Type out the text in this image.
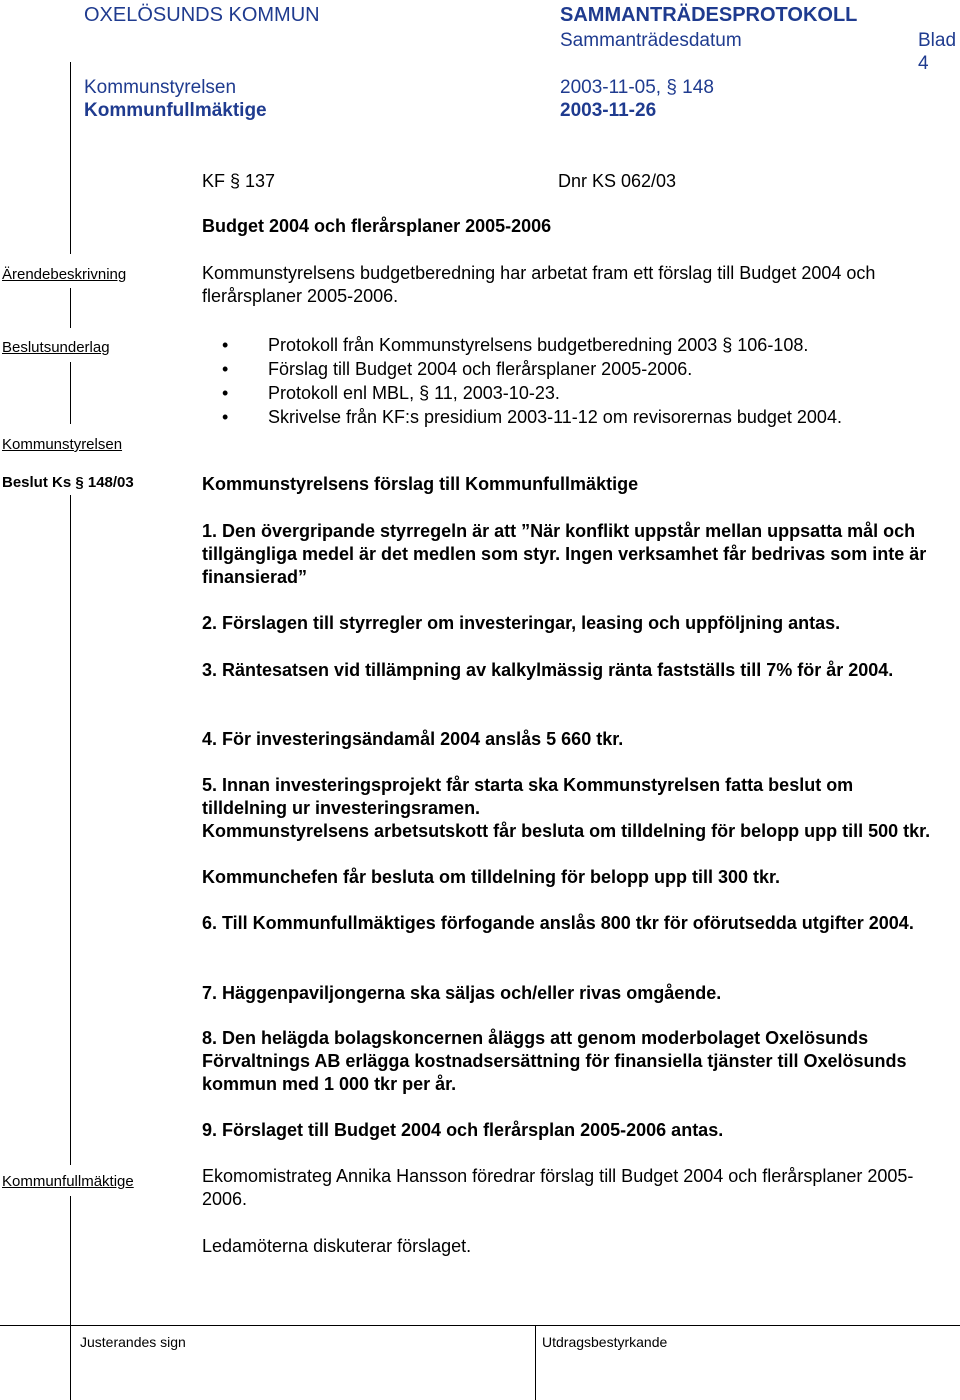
OXELÖSUNDS KOMMUN	SAMMANTRÄDESPROTOKOLL
Sammanträdesdatum	Blad
4
Kommunstyrelsen	2003-11-05, § 148
Kommunfullmäktige	2003-11-26
KF § 137	Dnr KS 062/03
Budget 2004 och flerårsplaner 2005-2006
Ärendebeskrivning	Kommunstyrelsens budgetberedning har arbetat fram ett förslag till Budget 2004 och flerårsplaner 2005-2006.
Beslutsunderlag
•	Protokoll från Kommunstyrelsens budgetberedning 2003 § 106-108.
• Förslag till Budget 2004 och flerårsplaner 2005-2006.
• Protokoll enl MBL, § 11, 2003-10-23.
• Skrivelse från KF:s presidium 2003-11-12 om revisorernas budget 2004.
Kommunstyrelsen
Beslut Ks § 148/03	Kommunstyrelsens förslag till Kommunfullmäktige
1. Den övergripande styrregeln är att ”När konflikt uppstår mellan uppsatta mål och tillgängliga medel är det medlen som styr. Ingen verksamhet får bedrivas som inte är finansierad”
2. Förslagen till styrregler om investeringar, leasing och uppföljning antas.
3. Räntesatsen vid tillämpning av kalkylmässig ränta fastställs till 7% för år 2004.
4. För investeringsändamål 2004 anslås 5 660 tkr.
5. Innan investeringsprojekt får starta ska Kommunstyrelsen fatta beslut om tilldelning ur investeringsramen.
Kommunstyrelsens arbetsutskott får besluta om tilldelning för belopp upp till 500 tkr.
Kommunchefen får besluta om tilldelning för belopp upp till 300 tkr.
6. Till Kommunfullmäktiges förfogande anslås 800 tkr för oförutsedda utgifter 2004.
7. Häggenpaviljongerna ska säljas och/eller rivas omgående.
8. Den helägda bolagskoncernen åläggs att genom moderbolaget Oxelösunds Förvaltnings AB erlägga kostnadsersättning för finansiella tjänster till Oxelösunds kommun med 1 000 tkr per år.
9. Förslaget till Budget 2004 och flerårsplan 2005-2006 antas.
Kommunfullmäktige	Ekomomistrateg Annika Hansson föredrar förslag till Budget 2004 och flerårsplaner 2005-2006.
Ledamöterna diskuterar förslaget.
Justerandes sign	Utdragsbestyrkande
